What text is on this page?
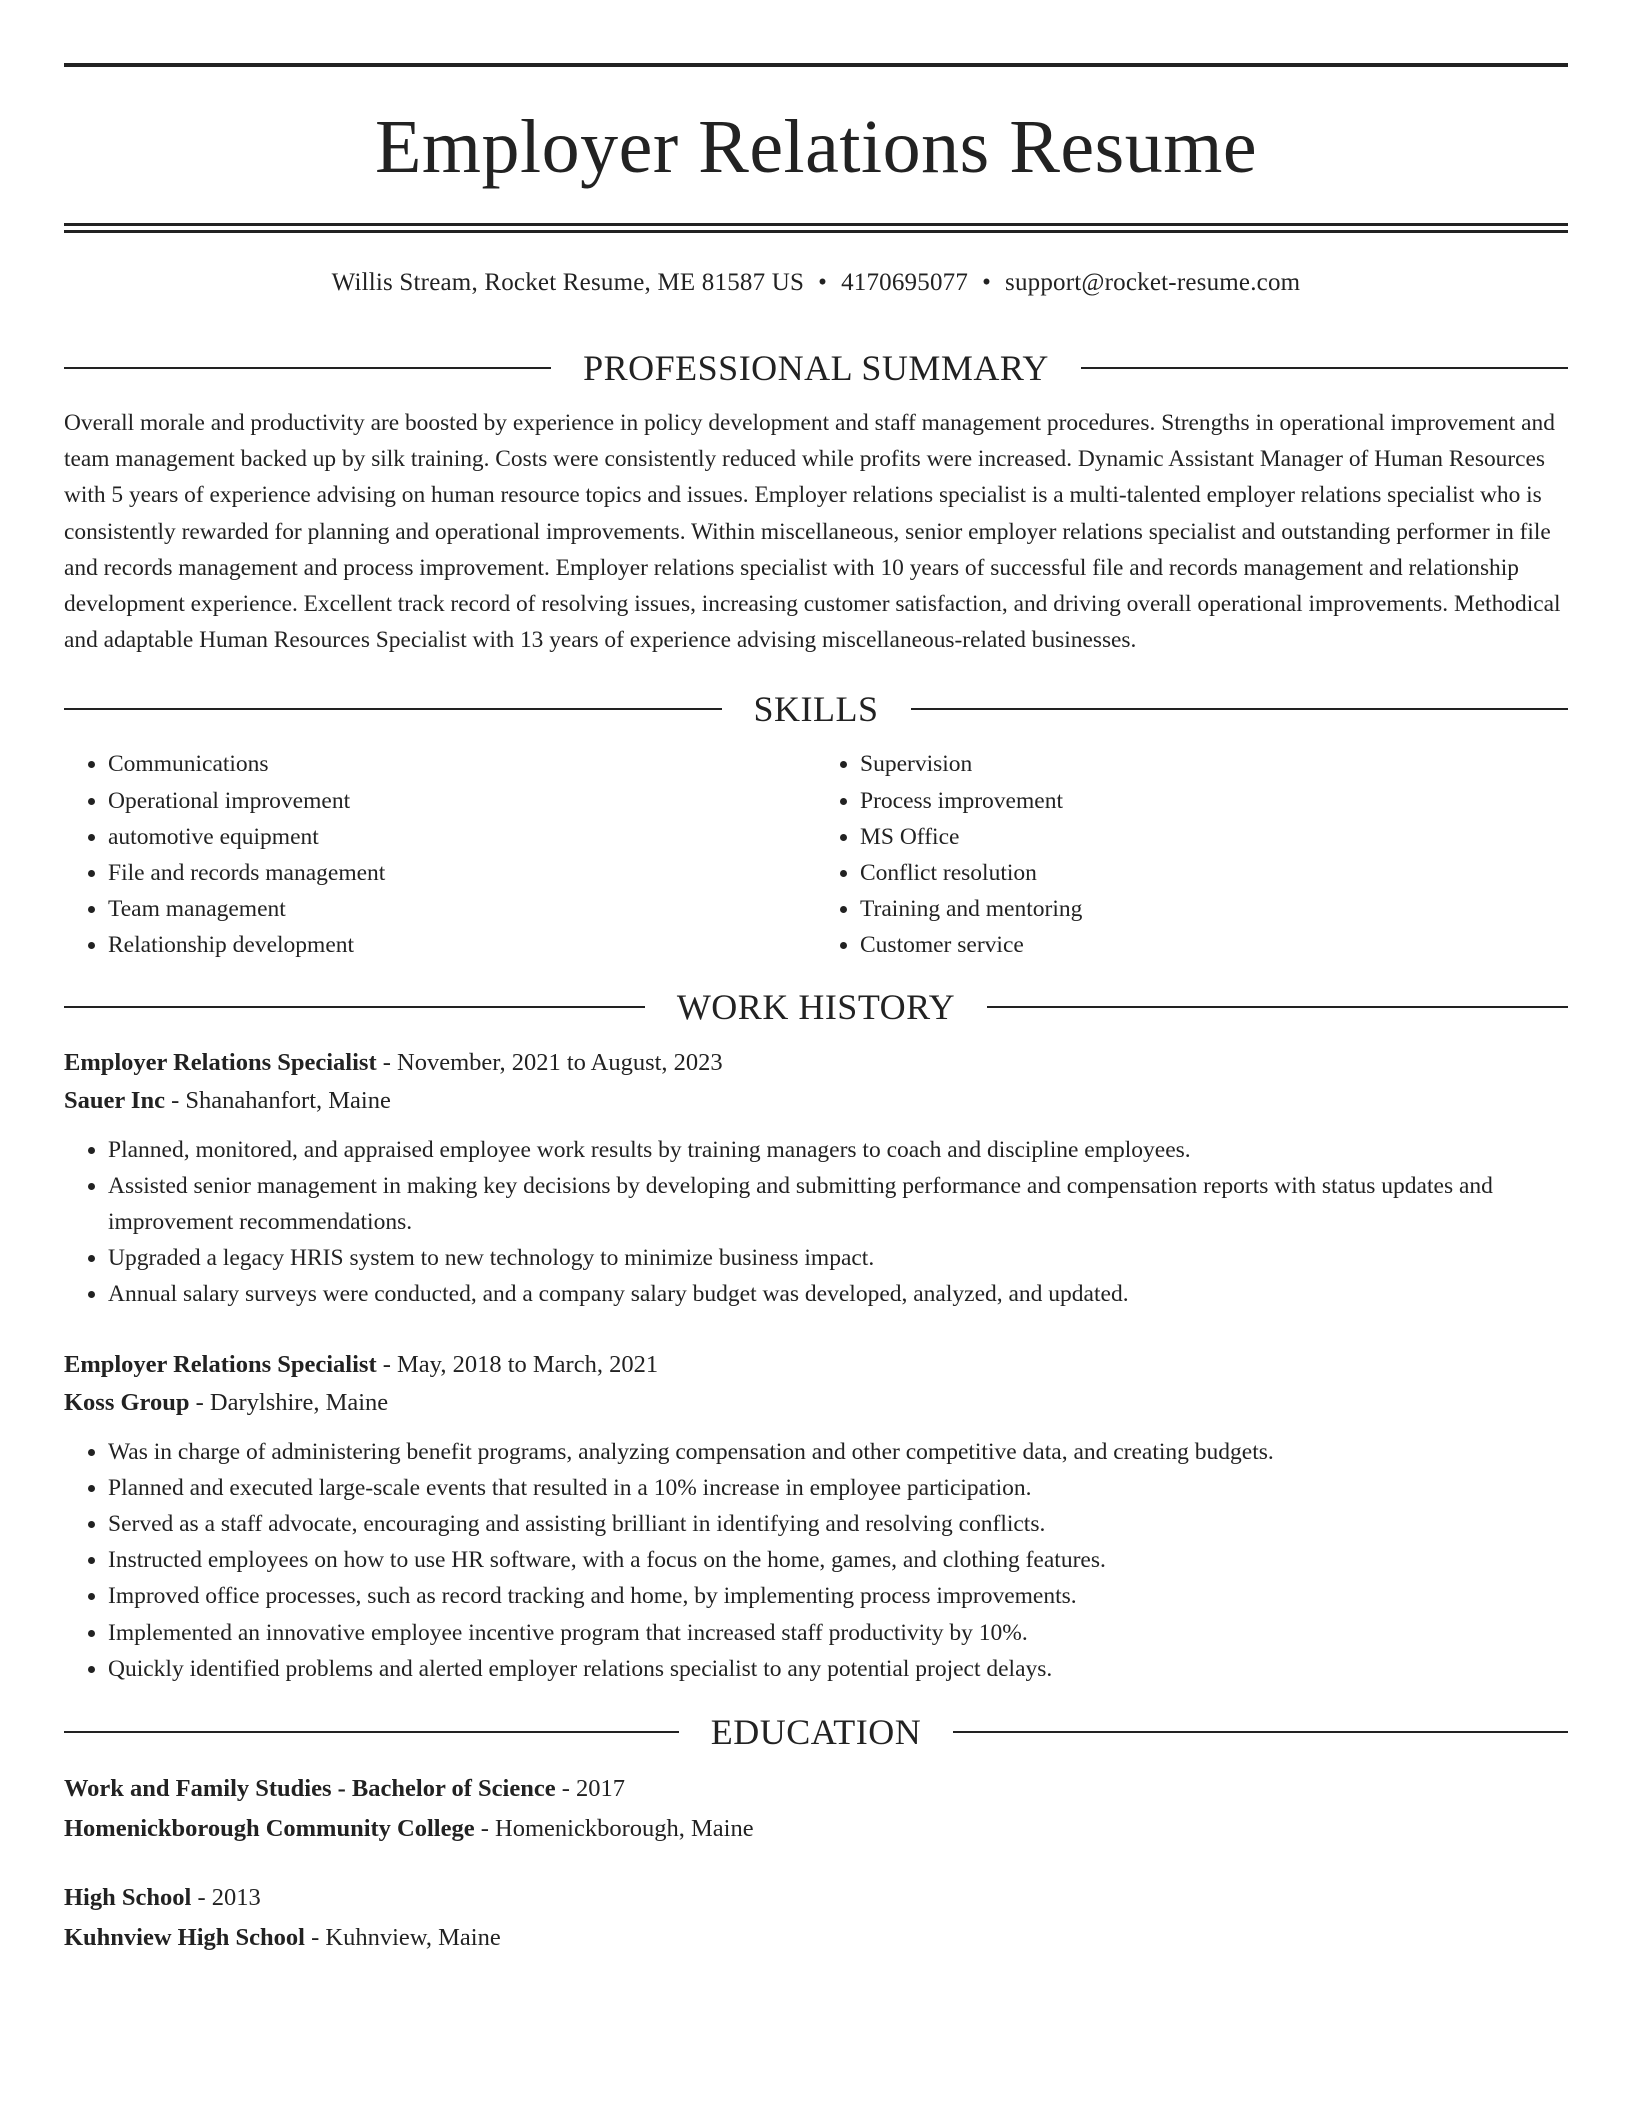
Employer Relations Resume
Willis Stream, Rocket Resume, ME 81587 US • 4170695077 • support@rocket-resume.com
PROFESSIONAL SUMMARY

Overall morale and productivity are boosted by experience in policy development and staff management procedures. Strengths in operational improvement and team management backed up by silk training. Costs were consistently reduced while profits were increased. Dynamic Assistant Manager of Human Resources with 5 years of experience advising on human resource topics and issues. Employer relations specialist is a multi-talented employer relations specialist who is consistently rewarded for planning and operational improvements. Within miscellaneous, senior employer relations specialist and outstanding performer in file and records management and process improvement. Employer relations specialist with 10 years of successful file and records management and relationship development experience. Excellent track record of resolving issues, increasing customer satisfaction, and driving overall operational improvements. Methodical and adaptable Human Resources Specialist with 13 years of experience advising miscellaneous-related businesses.

SKILLS
• Communications
• Operational improvement
• automotive equipment
• File and records management
• Team management
• Relationship development
• Supervision
• Process improvement
• MS Office
• Conflict resolution
• Training and mentoring
• Customer service
WORK HISTORY
Employer Relations Specialist - November, 2021 to August, 2023
Sauer Inc - Shanahanfort, Maine
• Planned, monitored, and appraised employee work results by training managers to coach and discipline employees.
• Assisted senior management in making key decisions by developing and submitting performance and compensation reports with status updates and improvement recommendations.
• Upgraded a legacy HRIS system to new technology to minimize business impact.
• Annual salary surveys were conducted, and a company salary budget was developed, analyzed, and updated.
Employer Relations Specialist - May, 2018 to March, 2021
Koss Group - Darylshire, Maine
• Was in charge of administering benefit programs, analyzing compensation and other competitive data, and creating budgets.
• Planned and executed large-scale events that resulted in a 10% increase in employee participation.
• Served as a staff advocate, encouraging and assisting brilliant in identifying and resolving conflicts.
• Instructed employees on how to use HR software, with a focus on the home, games, and clothing features.
• Improved office processes, such as record tracking and home, by implementing process improvements.
• Implemented an innovative employee incentive program that increased staff productivity by 10%.
• Quickly identified problems and alerted employer relations specialist to any potential project delays.
EDUCATION
Work and Family Studies - Bachelor of Science - 2017
Homenickborough Community College - Homenickborough, Maine
High School - 2013
Kuhnview High School - Kuhnview, Maine
